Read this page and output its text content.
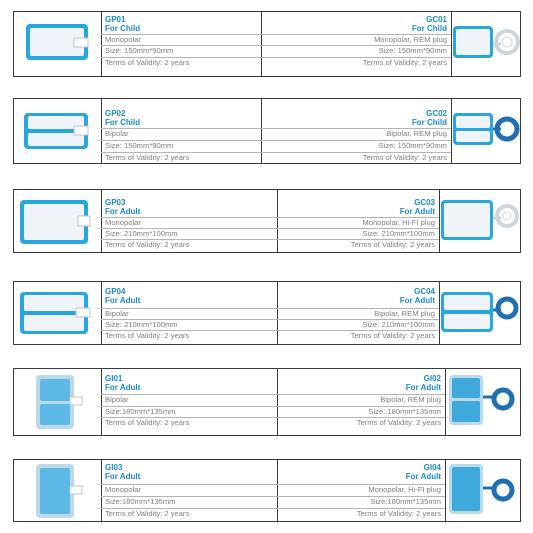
GP01
For Child
Monopolar
Size: 150mm*90mm
Terms of Validity: 2 years
GC01
For Child
Monopolar, REM plug
Size: 150mm*90mm
Terms of Validity: 2 years
GP02
For Child
Bipolar
Size: 150mm*90mm
Terms of Validity: 2 years
GC02
For Child
Bipolar, REM plug
Size: 150mm*90mm
Terms of Validity: 2 years
GP03
For Adult
Monopolar
Size: 210mm*100mm
Terms of Validity: 2 years
GC03
For Adult
Monopolar, Hi-FI plug
Size: 210mm*100mm
Terms of Validity: 2 years
GP04
For Adult
Bipolar
Size: 210mm*100mm
Terms of Validity: 2 years
GC04
For Adult
Bipolar, REM plug
Size: 210mm*100mm
Terms of Validity: 2 years
GI01
For Adult
Bipolar
Size:180mm*135mm
Terms of Validity: 2 years
GI02
For Adult
Bipolar, REM plug
Size: 180mm*135mm
Terms of Validity: 2 years
GI03
For Adult
Monopolar
Size:180mm*135mm
Terms of Validity: 2 years
GI04
For Adult
Monopolar, Hi-FI plug
Size:180mm*135mm
Terms of Validity: 2 years
